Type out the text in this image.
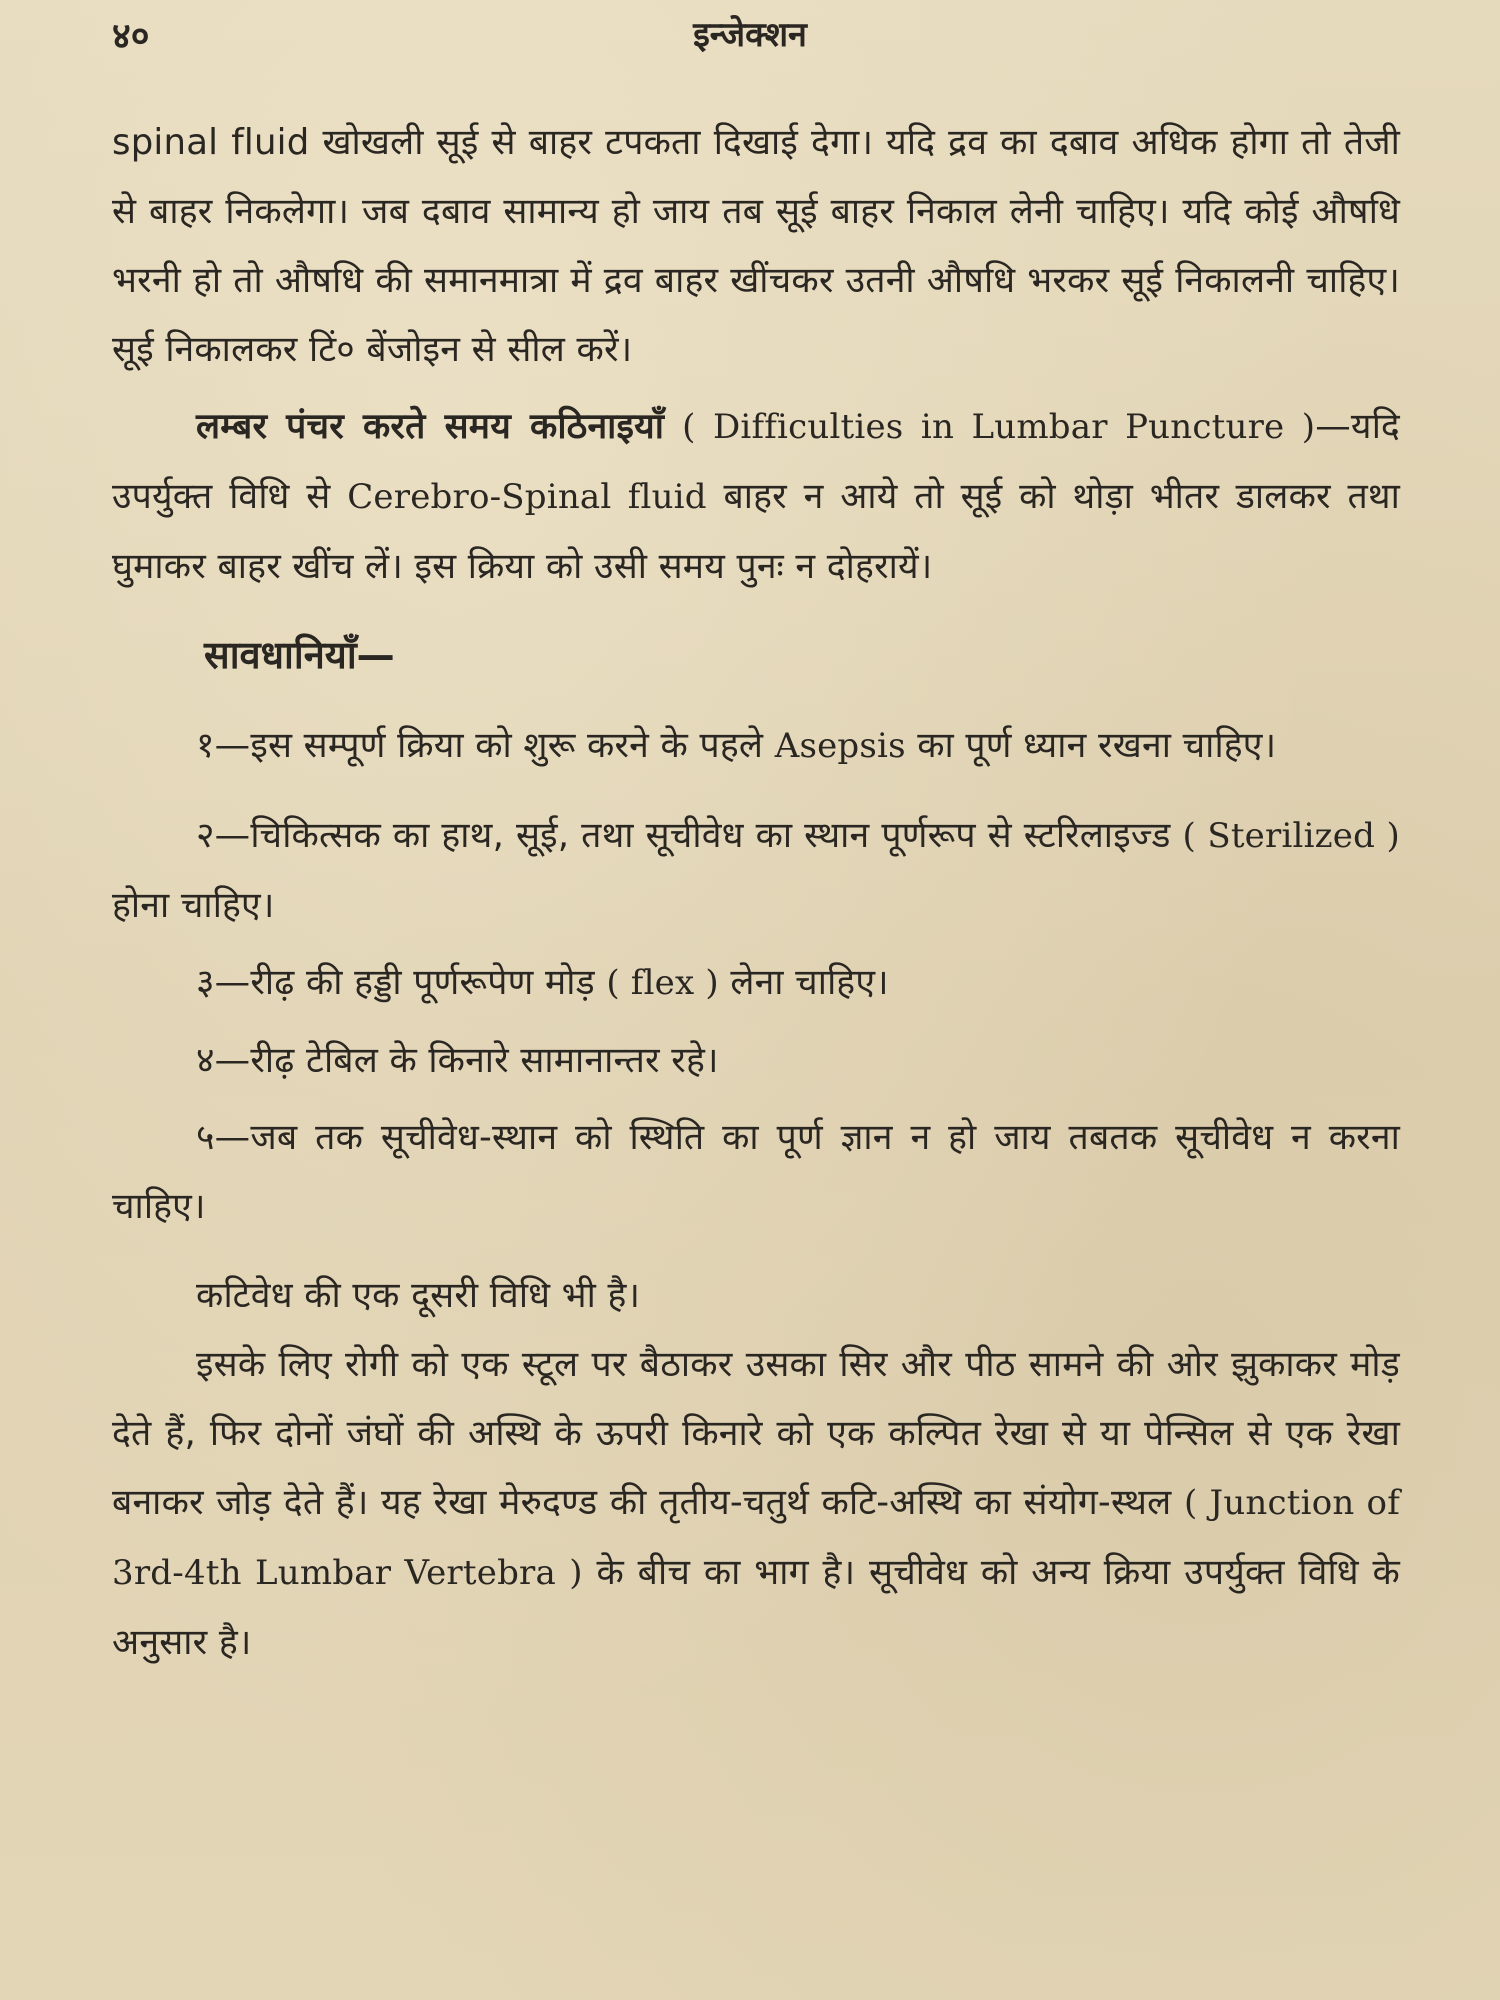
४०	इन्जेक्शन

spinal fluid खोखली सूई से बाहर टपकता दिखाई देगा। यदि द्रव का दबाव अधिक होगा तो तेजी से बाहर निकलेगा। जब दबाव सामान्य हो जाय तब सूई बाहर निकाल लेनी चाहिए। यदि कोई औषधि भरनी हो तो औषधि की समानमात्रा में द्रव बाहर खींचकर उतनी औषधि भरकर सूई निकालनी चाहिए। सूई निकालकर टिं० बेंजोइन से सील करें।

लम्बर पंचर करते समय कठिनाइयाँ ( Difficulties in Lumbar Puncture )—यदि उपर्युक्त विधि से Cerebro-Spinal fluid बाहर न आये तो सूई को थोड़ा भीतर डालकर तथा घुमाकर बाहर खींच लें। इस क्रिया को उसी समय पुनः न दोहरायें।

सावधानियाँ—

१—इस सम्पूर्ण क्रिया को शुरू करने के पहले Asepsis का पूर्ण ध्यान रखना चाहिए।

२—चिकित्सक का हाथ, सूई, तथा सूचीवेध का स्थान पूर्णरूप से स्टरिलाइज्ड ( Sterilized ) होना चाहिए।

३—रीढ़ की हड्डी पूर्णरूपेण मोड़ ( flex ) लेना चाहिए।

४—रीढ़ टेबिल के किनारे सामानान्तर रहे।

५—जब तक सूचीवेध-स्थान को स्थिति का पूर्ण ज्ञान न हो जाय तबतक सूचीवेध न करना चाहिए।

कटिवेध की एक दूसरी विधि भी है।

इसके लिए रोगी को एक स्टूल पर बैठाकर उसका सिर और पीठ सामने की ओर झुकाकर मोड़ देते हैं, फिर दोनों जंघों की अस्थि के ऊपरी किनारे को एक कल्पित रेखा से या पेन्सिल से एक रेखा बनाकर जोड़ देते हैं। यह रेखा मेरुदण्ड की तृतीय-चतुर्थ कटि-अस्थि का संयोग-स्थल ( Junction of 3rd-4th Lumbar Vertebra ) के बीच का भाग है। सूचीवेध को अन्य क्रिया उपर्युक्त विधि के अनुसार है।
